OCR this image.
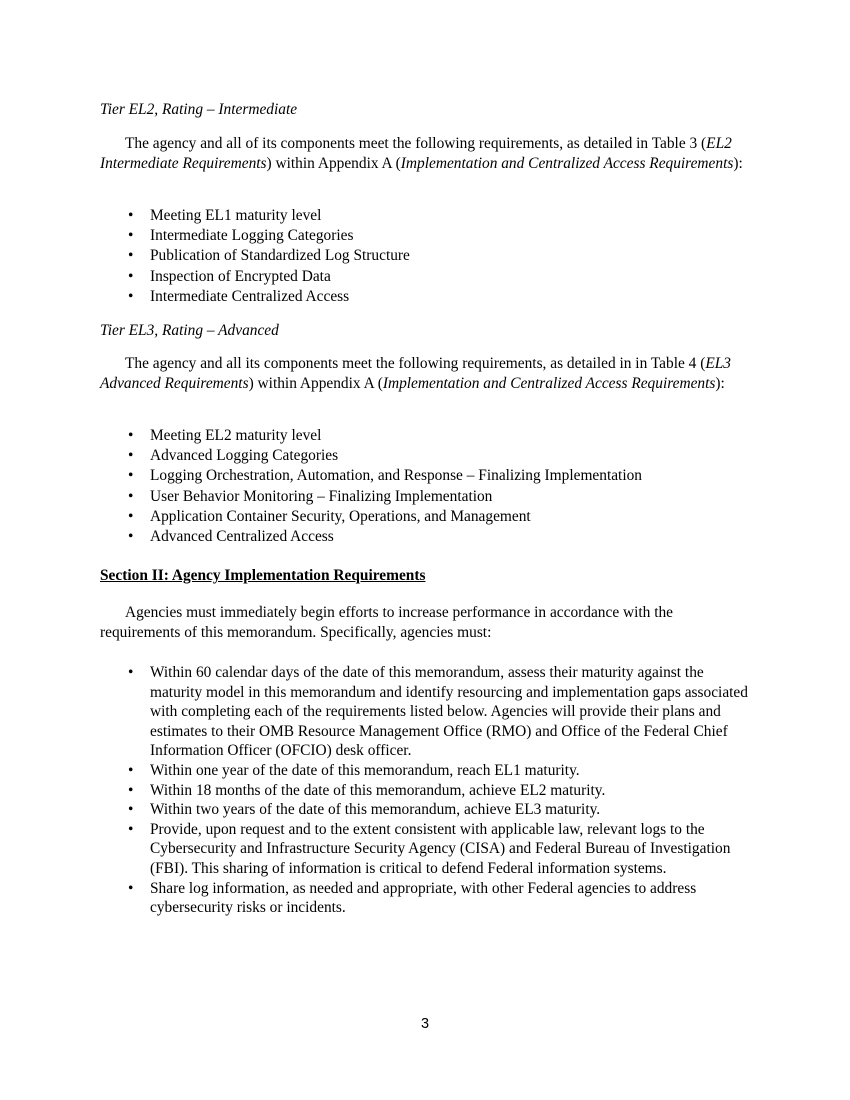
Tier EL2, Rating – Intermediate

The agency and all of its components meet the following requirements, as detailed in Table 3 (EL2 Intermediate Requirements) within Appendix A (Implementation and Centralized Access Requirements):

• Meeting EL1 maturity level
• Intermediate Logging Categories
• Publication of Standardized Log Structure
• Inspection of Encrypted Data
• Intermediate Centralized Access

Tier EL3, Rating – Advanced

The agency and all its components meet the following requirements, as detailed in in Table 4 (EL3 Advanced Requirements) within Appendix A (Implementation and Centralized Access Requirements):

• Meeting EL2 maturity level
• Advanced Logging Categories
• Logging Orchestration, Automation, and Response – Finalizing Implementation
• User Behavior Monitoring – Finalizing Implementation
• Application Container Security, Operations, and Management
• Advanced Centralized Access

Section II: Agency Implementation Requirements

Agencies must immediately begin efforts to increase performance in accordance with the requirements of this memorandum. Specifically, agencies must:

• Within 60 calendar days of the date of this memorandum, assess their maturity against the maturity model in this memorandum and identify resourcing and implementation gaps associated with completing each of the requirements listed below. Agencies will provide their plans and estimates to their OMB Resource Management Office (RMO) and Office of the Federal Chief Information Officer (OFCIO) desk officer.
• Within one year of the date of this memorandum, reach EL1 maturity.
• Within 18 months of the date of this memorandum, achieve EL2 maturity.
• Within two years of the date of this memorandum, achieve EL3 maturity.
• Provide, upon request and to the extent consistent with applicable law, relevant logs to the Cybersecurity and Infrastructure Security Agency (CISA) and Federal Bureau of Investigation (FBI). This sharing of information is critical to defend Federal information systems.
• Share log information, as needed and appropriate, with other Federal agencies to address cybersecurity risks or incidents.
3
